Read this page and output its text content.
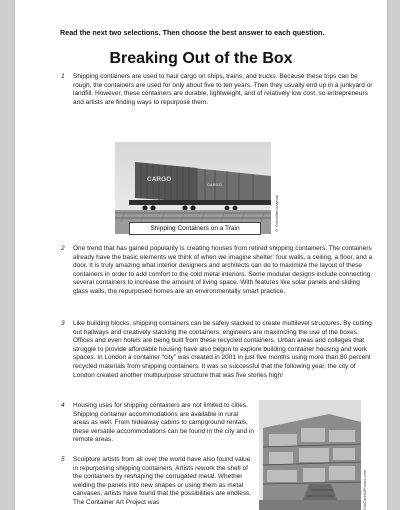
Read the next two selections. Then choose the best answer to each question.
Breaking Out of the Box
1 Shipping containers are used to haul cargo on ships, trains, and trucks. Because these trips can be rough, the containers are used for only about five to ten years. Then they usually end up in a junkyard or landfill. However, these containers are durable, lightweight, and of relatively low cost, so entrepreneurs and artists are finding ways to repurpose them.
CARGO
CARGO
Shipping Containers on a Train	© iStock/tim.kalynuk
2 One trend that has gained popularity is creating houses from retired shipping containers. The containers already have the basic elements we think of when we imagine shelter: four walls, a ceiling, a floor, and a door. It is truly amazing what interior designers and architects can do to maximize the layout of these containers in order to add comfort to the cold metal interiors. Some modular designs include connecting several containers to increase the amount of living space. With features like solar panels and sliding glass walls, the repurposed homes are an environmentally smart practice.
3 Like building blocks, shipping containers can be safely stacked to create multilevel structures. By cutting out hallways and creatively stacking the containers, engineers are maximizing the use of the boxes. Offices and even hotels are being built from these recycled containers. Urban areas and colleges that struggle to provide affordable housing have also begun to explore building container housing and work spaces. In London a container “city” was created in 2001 in just five months using more than 80 percent recycled materials from shipping containers. It was so successful that the following year, the city of London created another multipurpose structure that was five stories high!
4 Housing uses for shipping containers are not limited to cities. Shipping container accommodations are available in rural areas as well. From hideaway cabins to campground rentals, these versatile accommodations can be found in the city and in remote areas.
5 Sculpture artists from all over the world have also found value in repurposing shipping containers. Artists rework the shell of the containers by reshaping the corrugated metal. Whether welding the panels into new shapes or using them as metal canvases, artists have found that the possibilities are endless. The Container Art Project was	Dlr/Corbis/Photos.com
